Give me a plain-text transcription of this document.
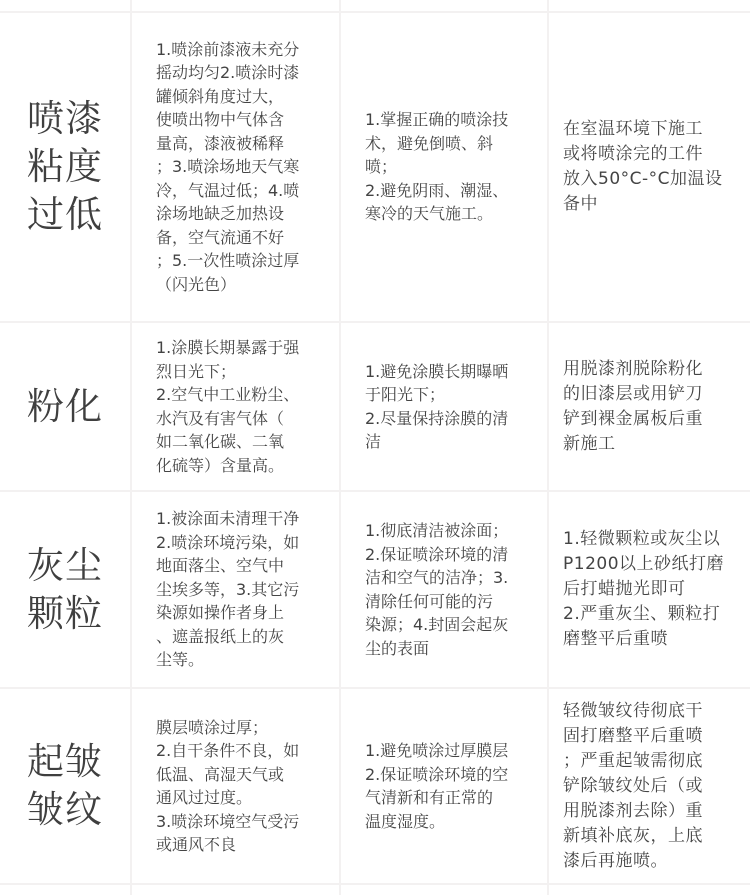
喷漆粘度过低
1.喷涂前漆液未充分
摇动均匀2.喷涂时漆
罐倾斜角度过大，
使喷出物中气体含
量高，漆液被稀释
；3.喷涂场地天气寒
冷，气温过低；4.喷
涂场地缺乏加热设
备，空气流通不好
；5.一次性喷涂过厚
（闪光色）
1.掌握正确的喷涂技
术，避免倒喷、斜
喷；
2.避免阴雨、潮湿、
寒冷的天气施工。
在室温环境下施工
或将喷涂完的工件
放入50°C-°C加温设
备中
粉化
1.涂膜长期暴露于强
烈日光下；
2.空气中工业粉尘、
水汽及有害气体（
如二氧化碳、二氧
化硫等）含量高。
1.避免涂膜长期曝晒
于阳光下；
2.尽量保持涂膜的清
洁
用脱漆剂脱除粉化
的旧漆层或用铲刀
铲到裸金属板后重
新施工
灰尘颗粒
1.被涂面未清理干净
2.喷涂环境污染，如
地面落尘、空气中
尘埃多等，3.其它污
染源如操作者身上
、遮盖报纸上的灰
尘等。
1.彻底清洁被涂面；
2.保证喷涂环境的清
洁和空气的洁净；3.
清除任何可能的污
染源；4.封固会起灰
尘的表面
1.轻微颗粒或灰尘以
P1200以上砂纸打磨
后打蜡抛光即可
2.严重灰尘、颗粒打
磨整平后重喷
起皱皱纹
膜层喷涂过厚；
2.自干条件不良，如
低温、高湿天气或
通风过过度。
3.喷涂环境空气受污
或通风不良
1.避免喷涂过厚膜层
2.保证喷涂环境的空
气清新和有正常的
温度湿度。
轻微皱纹待彻底干
固打磨整平后重喷
；严重起皱需彻底
铲除皱纹处后（或
用脱漆剂去除）重
新填补底灰，上底
漆后再施喷。
